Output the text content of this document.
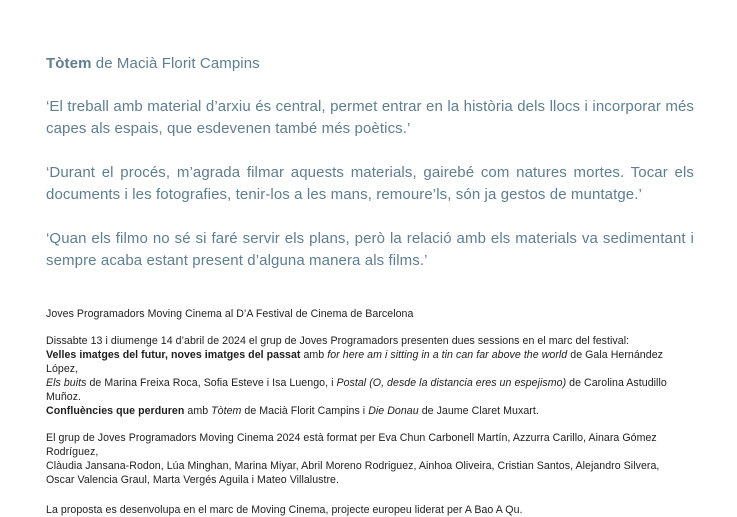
Tòtem de Macià Florit Campins

‘El treball amb material d’arxiu és central, permet entrar en la història dels llocs i incorporar més capes als espais, que esdevenen també més poètics.’

‘Durant el procés, m’agrada filmar aquests materials, gairebé com natures mortes. Tocar els documents i les fotografies, tenir-los a les mans, remoure’ls, són ja gestos de muntatge.’

‘Quan els filmo no sé si faré servir els plans, però la relació amb els materials va sedimentant i sempre acaba estant present d’alguna manera als films.’

Joves Programadors Moving Cinema al D’A Festival de Cinema de Barcelona

Dissabte 13 i diumenge 14 d’abril de 2024 el grup de Joves Programadors presenten dues sessions en el marc del festival:
Velles imatges del futur, noves imatges del passat amb for here am i sitting in a tin can far above the world de Gala Hernández López,
Els buits de Marina Freixa Roca, Sofia Esteve i Isa Luengo, i Postal (O, desde la distancia eres un espejismo) de Carolina Astudillo Muñoz.
Confluències que perduren amb Tòtem de Macià Florit Campins i Die Donau de Jaume Claret Muxart.

El grup de Joves Programadors Moving Cinema 2024 està format per Eva Chun Carbonell Martín, Azzurra Carillo, Ainara Gómez Rodríguez,
Clàudia Jansana-Rodon, Lúa Minghan, Marina Miyar, Abril Moreno Rodriguez, Ainhoa Oliveira, Cristian Santos, Alejandro Silvera,
Oscar Valencia Graul, Marta Vergés Aguila i Mateo Villalustre.

La proposta es desenvolupa en el marc de Moving Cinema, projecte europeu liderat per A Bao A Qu.
